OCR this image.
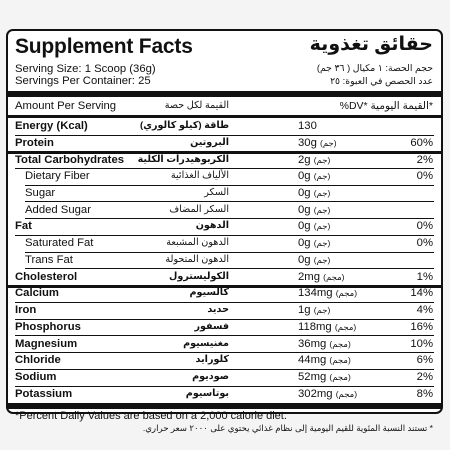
Supplement Facts	حقائق تغذوية
Serving Size: 1 Scoop (36g)	حجم الحصة: ١ مكيال ( ٣٦ جم)
Servings Per Container: 25	عدد الحصص في العبوة: ٢٥
Amount Per Serving	القيمة لكل حصة	%DV* القيمة اليومية*
Energy (Kcal)	طاقة (كيلو كالوري)	130
Protein	البروتين	30g (جم)	60%
Total Carbohydrates الكربوهيدرات الكلية	2g (جم)	2%
Dietary Fiber	الألياف الغذائية	0g (جم)	0%
Sugar	السكر	0g (جم)
Added Sugar	السكر المضاف	0g (جم)
Fat	الدهون	0g (جم)	0%
Saturated Fat	الدهون المشبعة	0g (جم)	0%
Trans Fat	الدهون المتحولة	0g (جم)
Cholesterol	الكوليسترول	2mg (مجم)	1%
Calcium	كالسيوم	134mg (مجم)	14%
Iron	حديد	1g (جم)	4%
Phosphorus	فسفور	118mg (مجم)	16%
Magnesium	مغنيسيوم	36mg (مجم)	10%
Chloride	كلورايد	44mg (مجم)	6%
Sodium	صوديوم	52mg (مجم)	2%
Potassium	بوتاسيوم	302mg (مجم)	8%
*Percent Daily Values are based on a 2,000 calorie diet.
* تستند النسبة المئوية للقيم اليومية إلى نظام غذائي يحتوي على ٢٠٠٠ سعر حراري.
